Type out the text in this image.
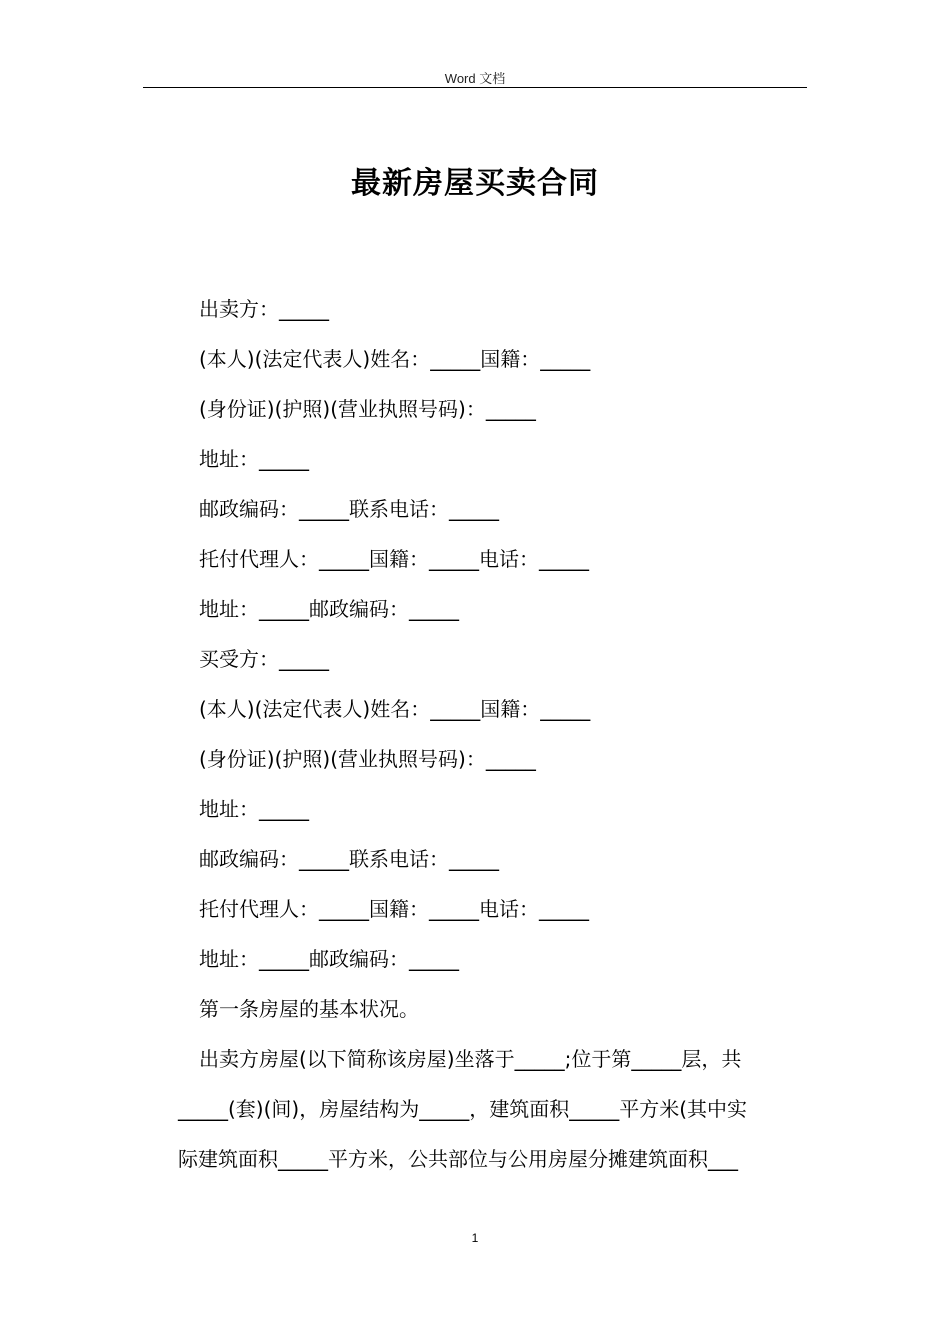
Word 文档
最新房屋买卖合同
出卖方：_____
(本人)(法定代表人)姓名：_____国籍：_____
(身份证)(护照)(营业执照号码)：_____
地址：_____
邮政编码：_____联系电话：_____
托付代理人：_____国籍：_____电话：_____
地址：_____邮政编码：_____
买受方：_____
(本人)(法定代表人)姓名：_____国籍：_____
(身份证)(护照)(营业执照号码)：_____
地址：_____
邮政编码：_____联系电话：_____
托付代理人：_____国籍：_____电话：_____
地址：_____邮政编码：_____
第一条房屋的基本状况。
出卖方房屋(以下简称该房屋)坐落于_____;位于第_____层，共
_____(套)(间)，房屋结构为_____，建筑面积_____平方米(其中实
际建筑面积_____平方米，公共部位与公用房屋分摊建筑面积___
1
